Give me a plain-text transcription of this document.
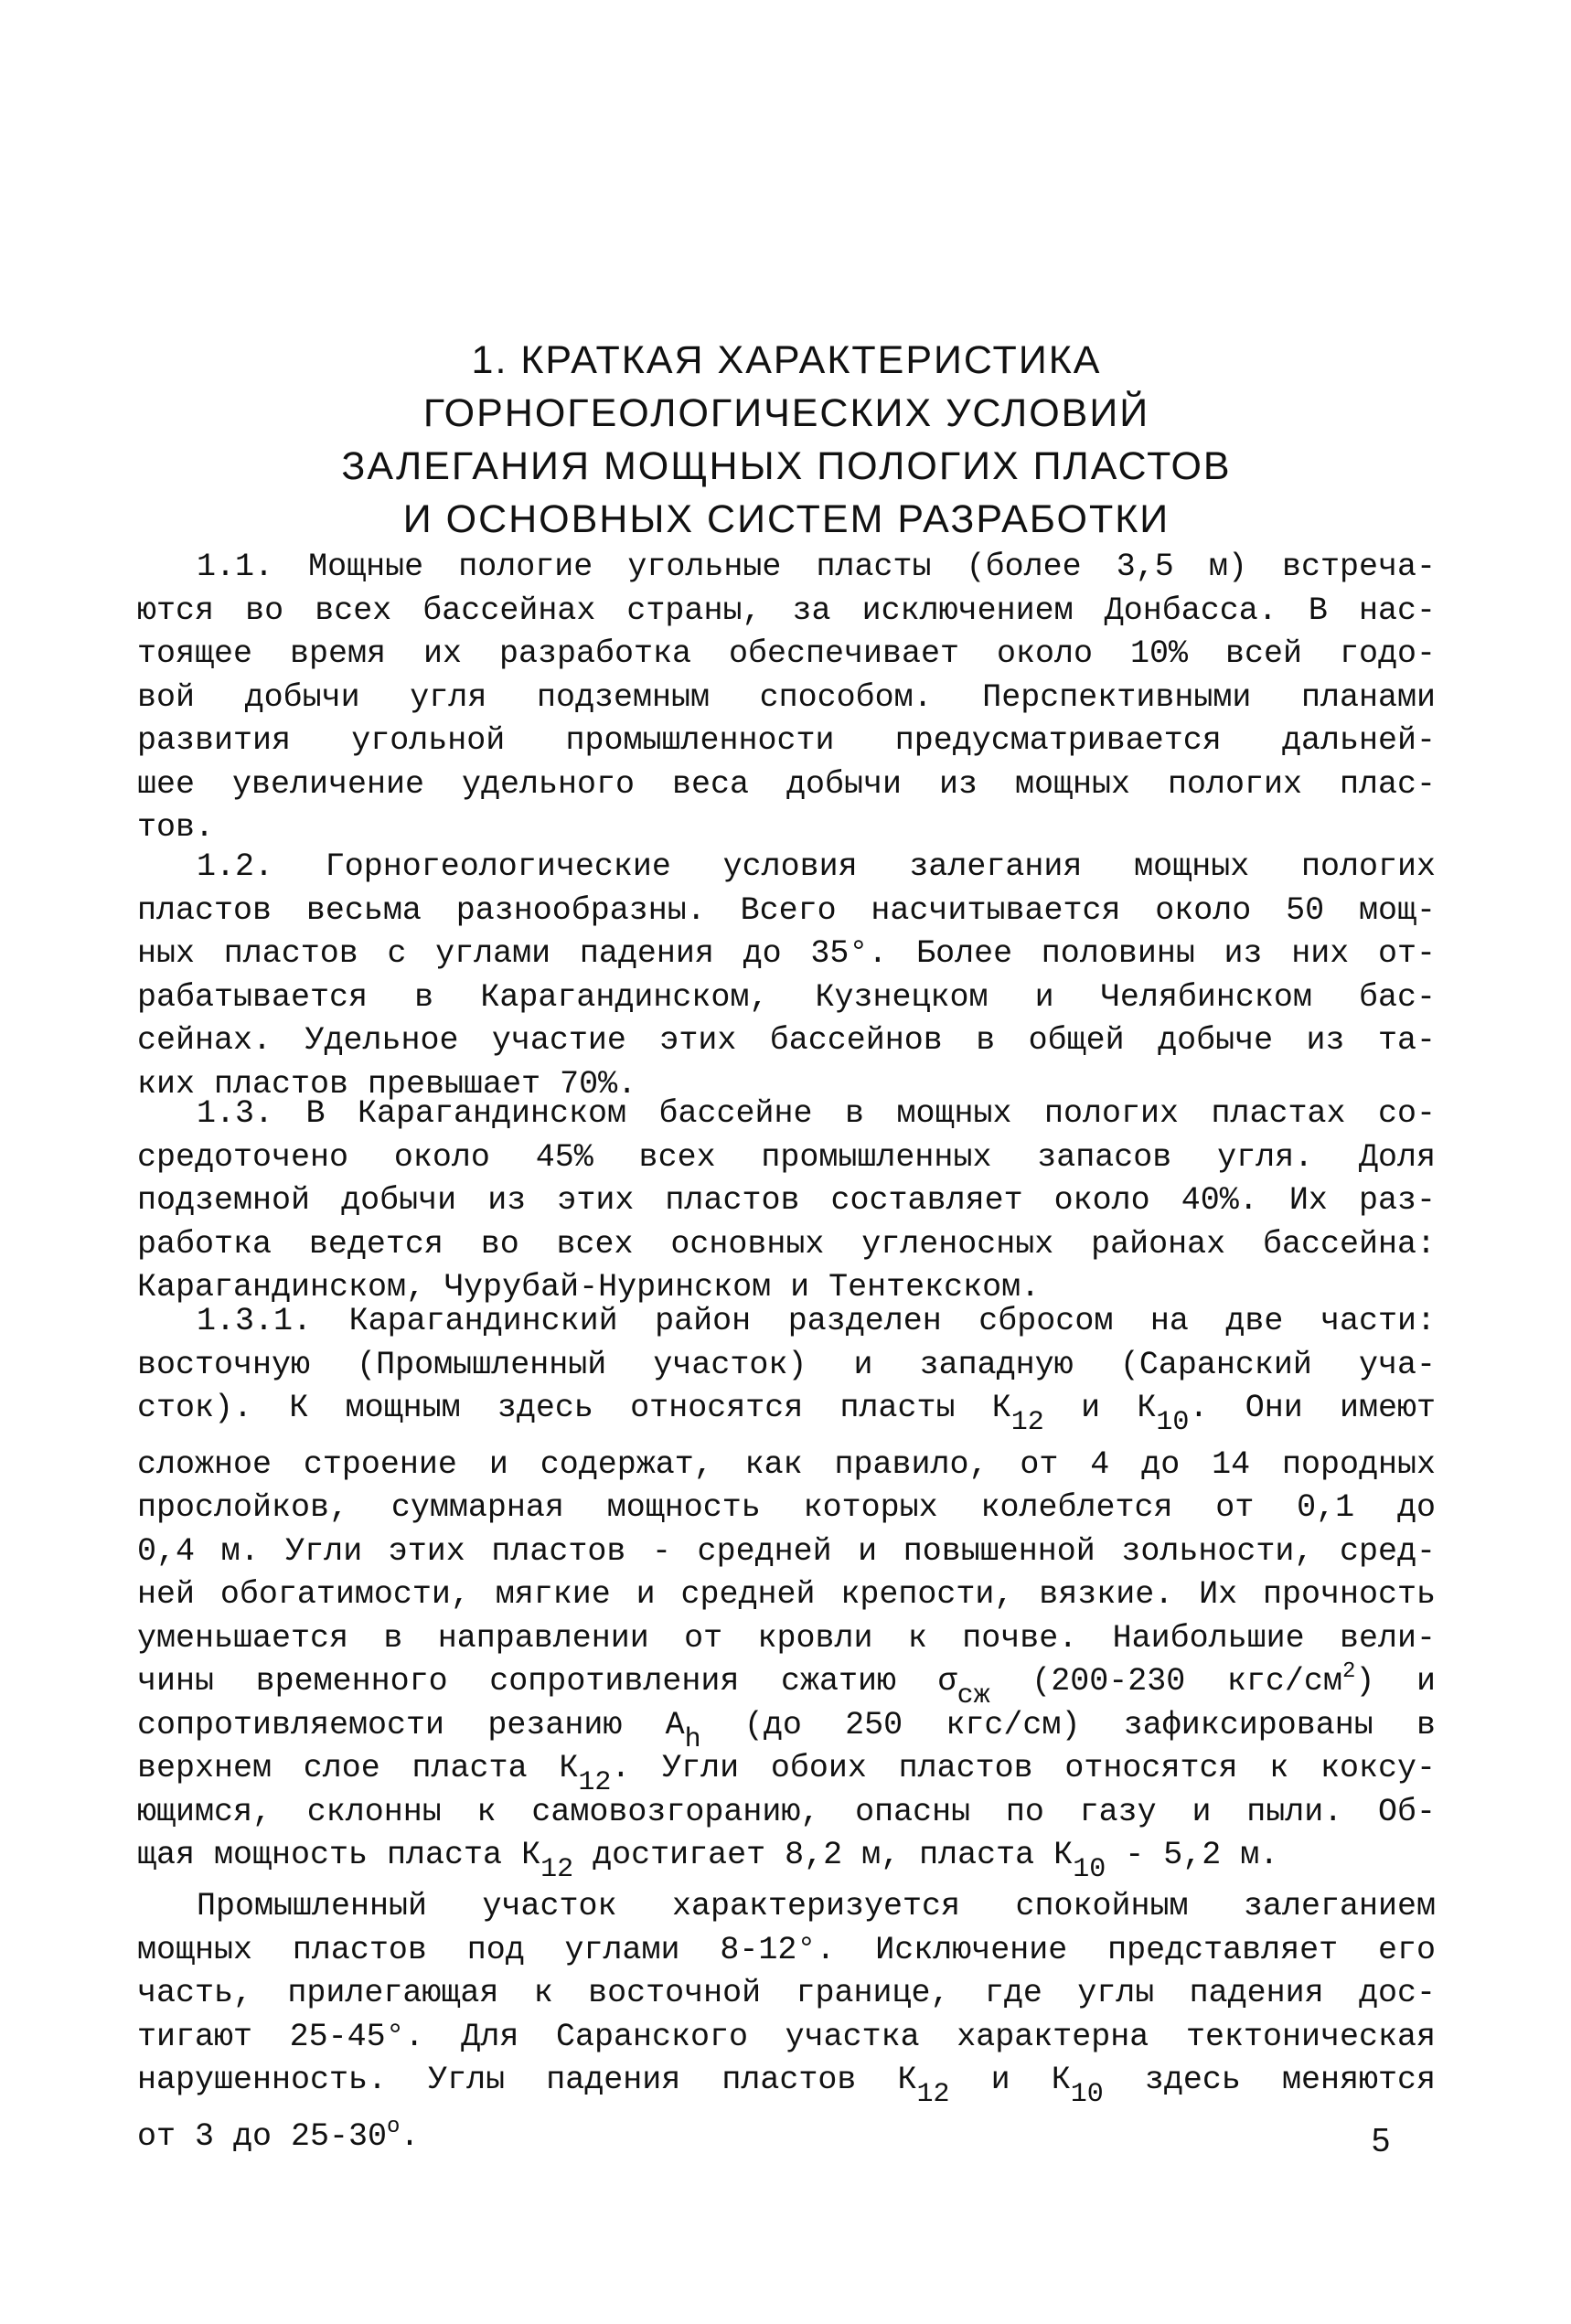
1. КРАТКАЯ ХАРАКТЕРИСТИКА
ГОРНОГЕОЛОГИЧЕСКИХ УСЛОВИЙ
ЗАЛЕГАНИЯ МОЩНЫХ ПОЛОГИХ ПЛАСТОВ
И ОСНОВНЫХ СИСТЕМ РАЗРАБОТКИ
1.1. Мощные пологие угольные пласты (более 3,5 м) встреча-
ются во всех бассейнах страны, за исключением Донбасса. В нас-
тоящее время их разработка обеспечивает около 10% всей годо-
вой добычи угля подземным способом. Перспективными планами
развития угольной промышленности предусматривается дальней-
шее увеличение удельного веса добычи из мощных пологих плас-
тов.
1.2. Горногеологические условия залегания мощных пологих
пластов весьма разнообразны. Всего насчитывается около 50 мощ-
ных пластов с углами падения до 35°. Более половины из них от-
рабатывается в Карагандинском, Кузнецком и Челябинском бас-
сейнах. Удельное участие этих бассейнов в общей добыче из та-
ких пластов превышает 70%.
1.3. В Карагандинском бассейне в мощных пологих пластах со-
средоточено около 45% всех промышленных запасов угля. Доля
подземной добычи из этих пластов составляет около 40%. Их раз-
работка ведется во всех основных угленосных районах бассейна:
Карагандинском, Чурубай-Нуринском и Тентекском.
1.3.1. Карагандинский район разделен сбросом на две части:
восточную (Промышленный участок) и западную (Саранский уча-
сток). К мощным здесь относятся пласты $К_{12}$ и $К_{10}$. Они имеют
сложное строение и содержат, как правило, от 4 до 14 породных
прослойков, суммарная мощность которых колеблется от 0,1 до
0,4 м. Угли этих пластов - средней и повышенной зольности, сред-
ней обогатимости, мягкие и средней крепости, вязкие. Их прочность
уменьшается в направлении от кровли к почве. Наибольшие вели-
чины временного сопротивления сжатию $\sigma_{сж}$ (200-230 кгс/$см^2$) и
сопротивляемости резанию $A_h$ (до 250 кгс/см) зафиксированы в
верхнем слое пласта $К_{12}$. Угли обоих пластов относятся к коксу-
ющимся, склонны к самовозгоранию, опасны по газу и пыли. Об-
щая мощность пласта $К_{12}$ достигает 8,2 м, пласта $К_{10} - 5,2$ м.
Промышленный участок характеризуется спокойным залеганием
мощных пластов под углами 8-12°. Исключение представляет его
часть, прилегающая к восточной границе, где углы падения дос-
тигают 25-45°. Для Саранского участка характерна тектоническая
нарушенность. Углы падения пластов $К_{12}$ и $К_{10}$ здесь меняются
от 3 до $25-30^о$.	5
